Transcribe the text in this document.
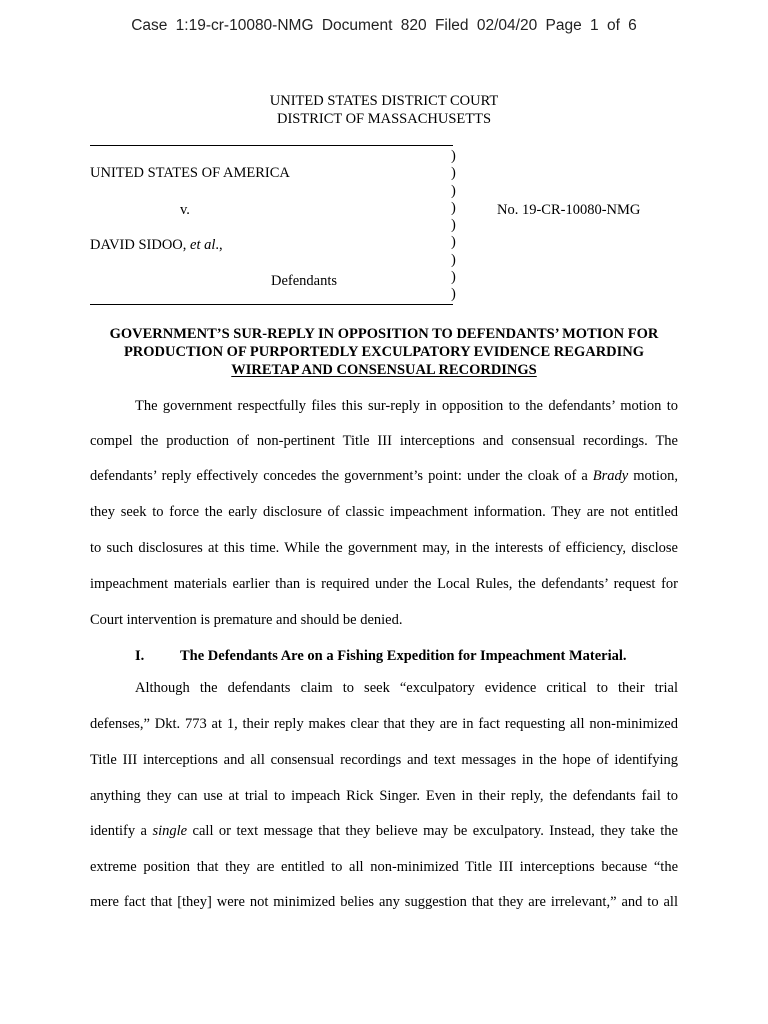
Case 1:19-cr-10080-NMG Document 820 Filed 02/04/20 Page 1 of 6
UNITED STATES DISTRICT COURT
DISTRICT OF MASSACHUSETTS
)
)
)
)
)
)
)
)
)
UNITED STATES OF AMERICA
v.	No. 19-CR-10080-NMG
DAVID SIDOO, et al.,
Defendants
GOVERNMENT’S SUR-REPLY IN OPPOSITION TO DEFENDANTS’ MOTION FOR
PRODUCTION OF PURPORTEDLY EXCULPATORY EVIDENCE REGARDING
WIRETAP AND CONSENSUAL RECORDINGS
The government respectfully files this sur-reply in opposition to the defendants’ motion to
compel the production of non-pertinent Title III interceptions and consensual recordings. The
defendants’ reply effectively concedes the government’s point: under the cloak of a Brady motion,
they seek to force the early disclosure of classic impeachment information. They are not entitled
to such disclosures at this time. While the government may, in the interests of efficiency, disclose
impeachment materials earlier than is required under the Local Rules, the defendants’ request for
Court intervention is premature and should be denied.
I. The Defendants Are on a Fishing Expedition for Impeachment Material.
Although the defendants claim to seek “exculpatory evidence critical to their trial
defenses,” Dkt. 773 at 1, their reply makes clear that they are in fact requesting all non-minimized
Title III interceptions and all consensual recordings and text messages in the hope of identifying
anything they can use at trial to impeach Rick Singer. Even in their reply, the defendants fail to
identify a single call or text message that they believe may be exculpatory. Instead, they take the
extreme position that they are entitled to all non-minimized Title III interceptions because “the
mere fact that [they] were not minimized belies any suggestion that they are irrelevant,” and to all
